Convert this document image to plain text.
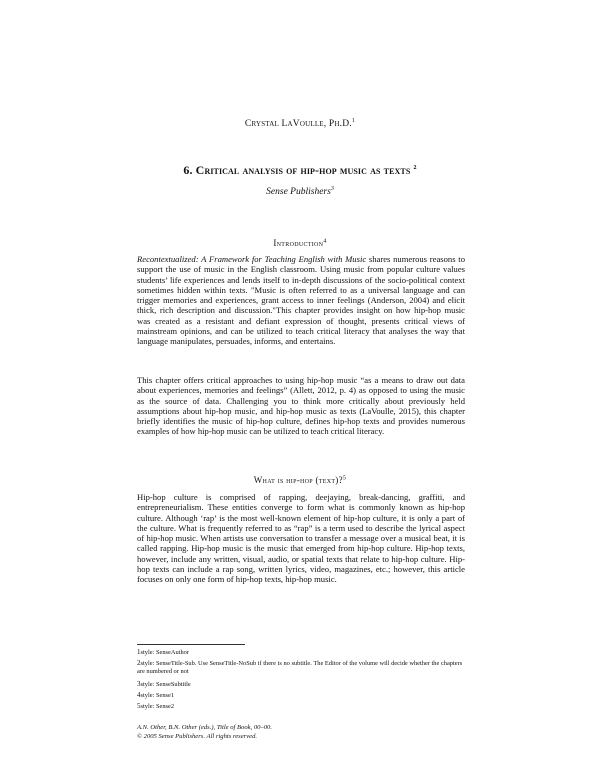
Crystal LaVoulle, Ph.D.$^1$
6. Critical analysis of hip-hop music as texts $^2$
Sense Publishers$^3$
Introduction$^4$
Recontextualized: A Framework for Teaching English with Music shares numerous reasons to support the use of music in the English classroom. Using music from popular culture values students’ life experiences and lends itself to in-depth discussions of the socio-political context sometimes hidden within texts. "Music is often referred to as a universal language and can trigger memories and experiences, grant access to inner feelings (Anderson, 2004) and elicit thick, rich description and discussion."This chapter provides insight on how hip-hop music was created as a resistant and defiant expression of thought, presents critical views of mainstream opinions, and can be utilized to teach critical literacy that analyses the way that language manipulates, persuades, informs, and entertains.
This chapter offers critical approaches to using hip-hop music “as a means to draw out data about experiences, memories and feelings” (Allett, 2012, p. 4) as opposed to using the music as the source of data. Challenging you to think more critically about previously held assumptions about hip-hop music, and hip-hop music as texts (LaVoulle, 2015), this chapter briefly identifies the music of hip-hop culture, defines hip-hop texts and provides numerous examples of how hip-hop music can be utilized to teach critical literacy.
What is hip-hop (text)?$^5$
Hip-hop culture is comprised of rapping, deejaying, break-dancing, graffiti, and entrepreneurialism. These entities converge to form what is commonly known as hip-hop culture. Although ‘rap’ is the most well-known element of hip-hop culture, it is only a part of the culture. What is frequently referred to as “rap” is a term used to describe the lyrical aspect of hip-hop music. When artists use conversation to transfer a message over a musical beat, it is called rapping. Hip-hop music is the music that emerged from hip-hop culture. Hip-hop texts, however, include any written, visual, audio, or spatial texts that relate to hip-hop culture. Hip-hop texts can include a rap song, written lyrics, video, magazines, etc.; however, this article focuses on only one form of hip-hop texts, hip-hop music.
1style: SenseAuthor
2style: SenseTitle-Sub. Use SenseTitle-NoSub if there is no subtitle. The Editor of the volume will decide whether the chapters are numbered or not
3style: SenseSubtitle
4style: Sense1
5style: Sense2
A.N. Other, B.N. Other (eds.), Title of Book, 00–00.
© 2005 Sense Publishers. All rights reserved.
